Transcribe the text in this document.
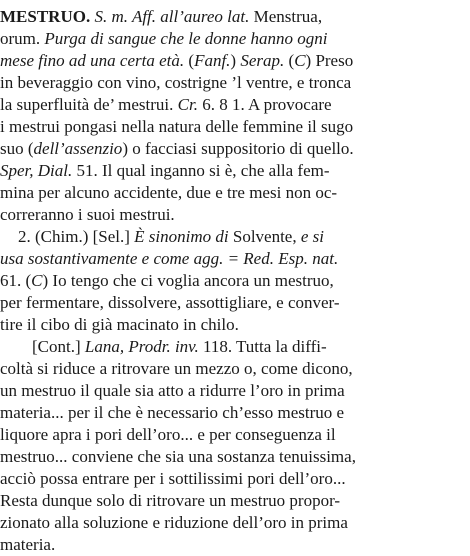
MESTRUO. S. m. Aff. all’aureo lat. Menstrua,
orum. Purga di sangue che le donne hanno ogni
mese fino ad una certa età. (Fanf.) Serap. (C) Preso
in beveraggio con vino, costrigne ’l ventre, e tronca
la superfluità de’ mestrui. Cr. 6. 8 1. A provocare
i mestrui pongasi nella natura delle femmine il sugo
suo (dell’assenzio) o facciasi suppositorio di quello.
Sper, Dial. 51. Il qual inganno si è, che alla fem-
mina per alcuno accidente, due e tre mesi non oc-
correranno i suoi mestrui.
2. (Chim.) [Sel.] È sinonimo di Solvente, e si
usa sostantivamente e come agg. = Red. Esp. nat.
61. (C) Io tengo che ci voglia ancora un mestruo,
per fermentare, dissolvere, assottigliare, e conver-
tire il cibo di già macinato in chilo.
[Cont.] Lana, Prodr. inv. 118. Tutta la diffi-
coltà si riduce a ritrovare un mezzo o, come dicono,
un mestruo il quale sia atto a ridurre l’oro in prima
materia... per il che è necessario ch’esso mestruo e
liquore apra i pori dell’oro... e per conseguenza il
mestruo... conviene che sia una sostanza tenuissima,
acciò possa entrare per i sottilissimi pori dell’oro...
Resta dunque solo di ritrovare un mestruo propor-
zionato alla soluzione e riduzione dell’oro in prima
materia.
